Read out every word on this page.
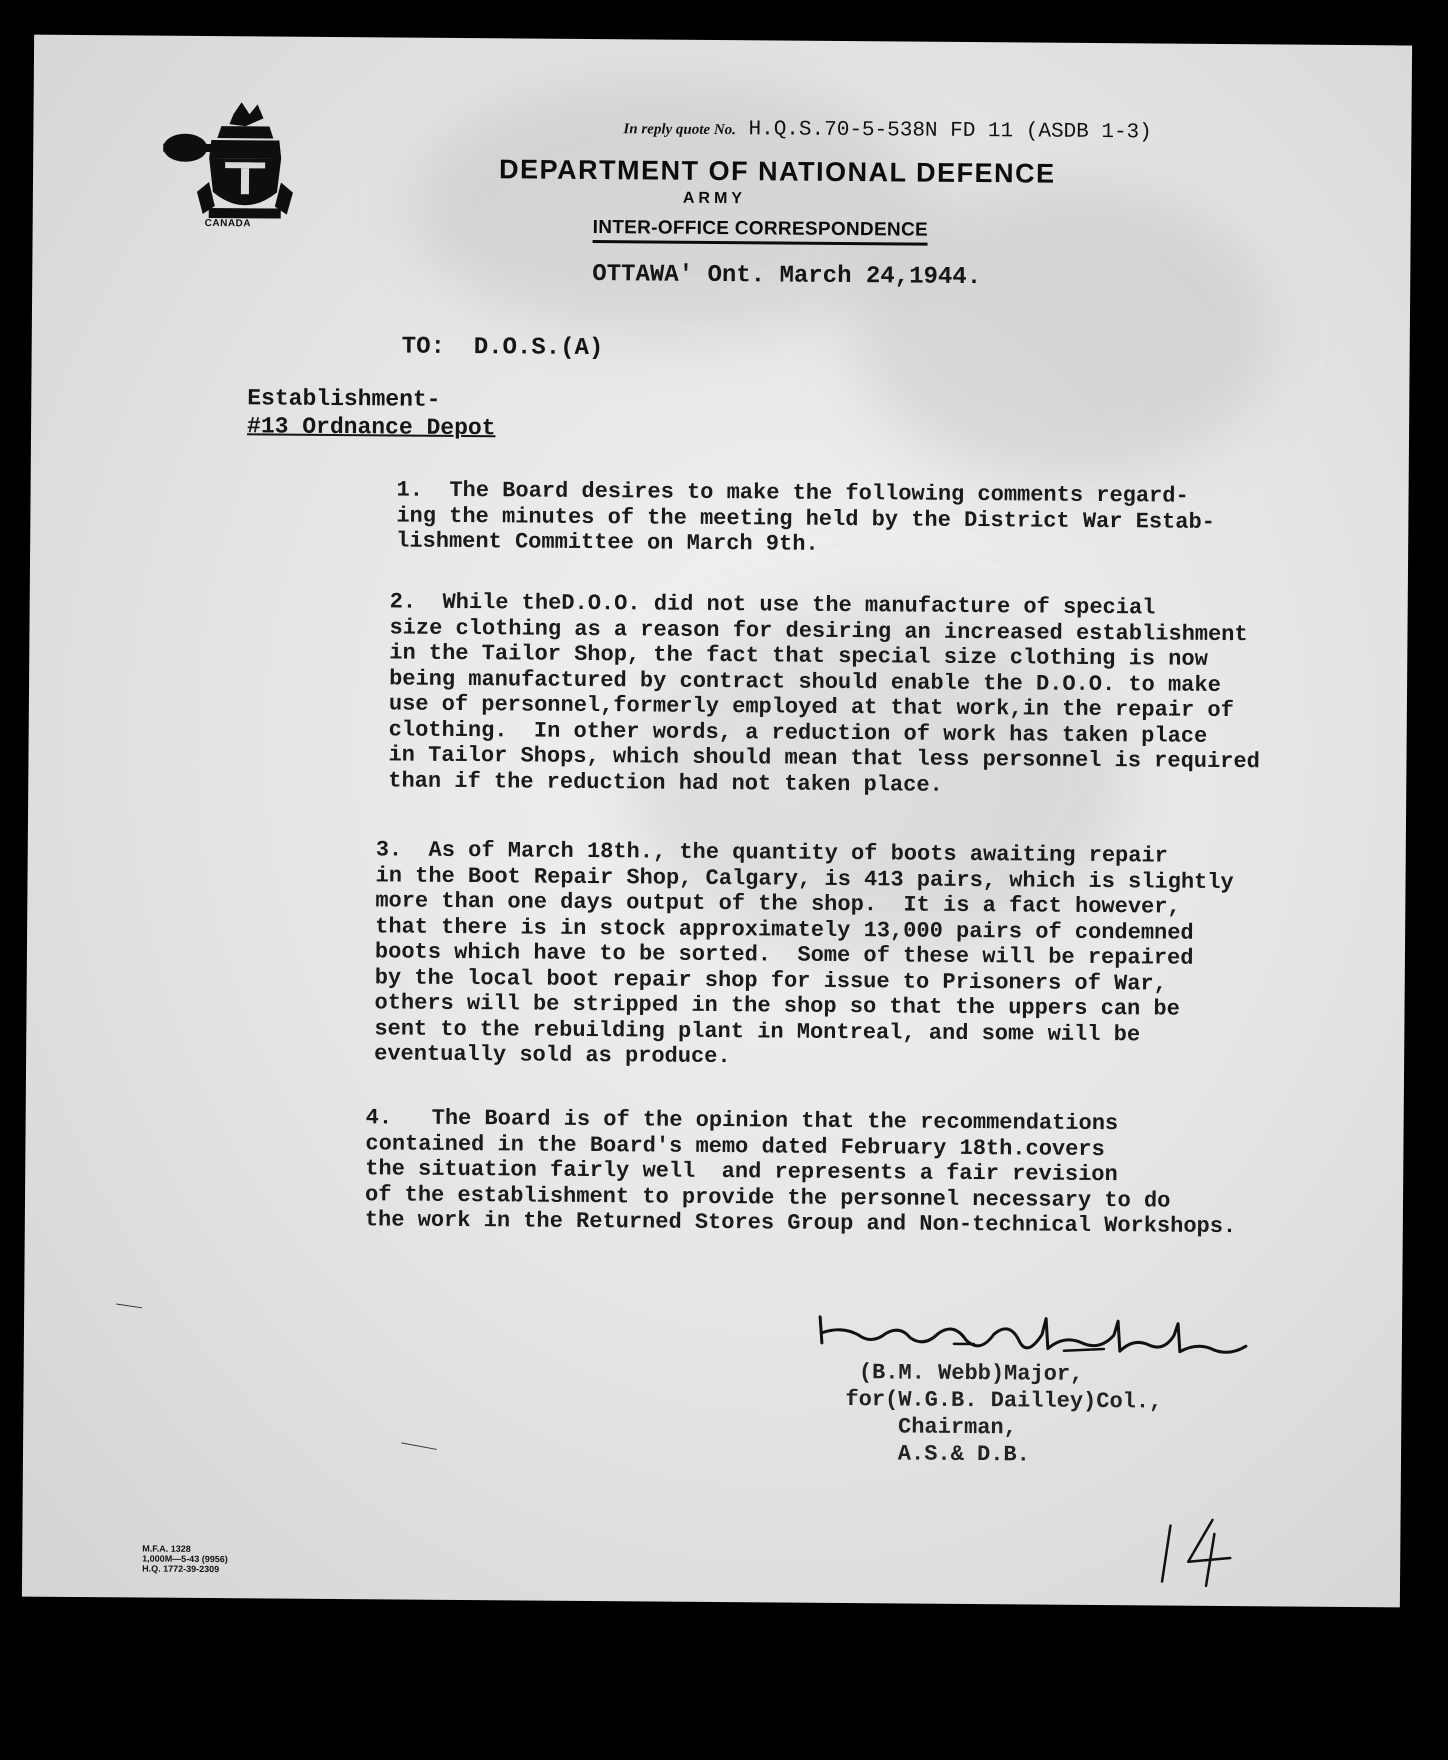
CANADA
In reply quote No. H.Q.S.70-5-538N FD 11 (ASDB 1-3)
DEPARTMENT OF NATIONAL DEFENCE
ARMY
INTER-OFFICE CORRESPONDENCE
OTTAWA' Ont. March 24,1944.
TO: D.O.S.(A)
Establishment-
#13 Ordnance Depot
1.  The Board desires to make the following comments regard-
ing the minutes of the meeting held by the District War Estab-
lishment Committee on March 9th.
2.  While theD.O.O. did not use the manufacture of special
size clothing as a reason for desiring an increased establishment
in the Tailor Shop, the fact that special size clothing is now
being manufactured by contract should enable the D.O.O. to make
use of personnel,formerly employed at that work,in the repair of
clothing.  In other words, a reduction of work has taken place
in Tailor Shops, which should mean that less personnel is required
than if the reduction had not taken place.
3.  As of March 18th., the quantity of boots awaiting repair
in the Boot Repair Shop, Calgary, is 413 pairs, which is slightly
more than one days output of the shop.  It is a fact however,
that there is in stock approximately 13,000 pairs of condemned
boots which have to be sorted.  Some of these will be repaired
by the local boot repair shop for issue to Prisoners of War,
others will be stripped in the shop so that the uppers can be
sent to the rebuilding plant in Montreal, and some will be
eventually sold as produce.
4.   The Board is of the opinion that the recommendations
contained in the Board's memo dated February 18th.covers
the situation fairly well  and represents a fair revision
of the establishment to provide the personnel necessary to do
the work in the Returned Stores Group and Non-technical Workshops.
(B.M. Webb)Major,
for(W.G.B. Dailley)Col.,
Chairman,
A.S.& D.B.
M.F.A. 1328
1,000M—5-43 (9956)
H.Q. 1772-39-2309
14
